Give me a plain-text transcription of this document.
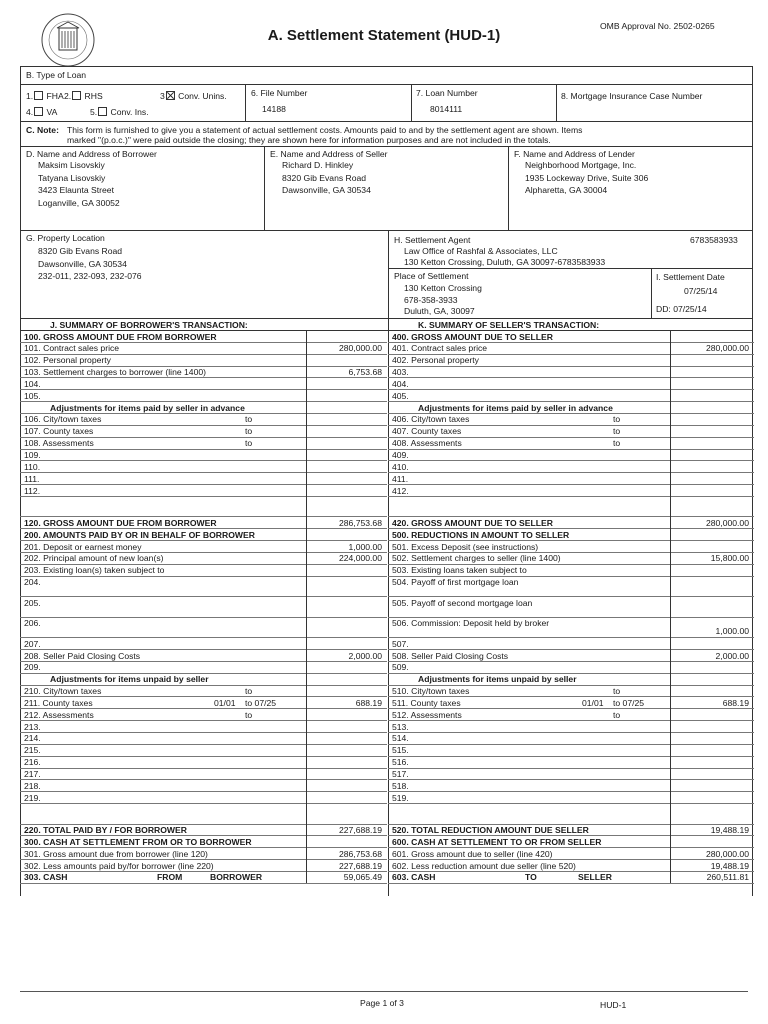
A. Settlement Statement (HUD-1)
OMB Approval No. 2502-0265
B. Type of Loan
1. FHA 2. RHS	3 Conv. Unins.
4. VA	5. Conv. Ins.
6. File Number
14188
7. Loan Number
8014111
8. Mortgage Insurance Case Number
C. Note: This form is furnished to give you a statement of actual settlement costs. Amounts paid to and by the settlement agent are shown. Items
marked "(p.o.c.)" were paid outside the closing; they are shown here for information purposes and are not included in the totals.
D. Name and Address of Borrower
Maksim Lisovskiy
Tatyana Lisovskiy
3423 Elaunta Street
Loganville, GA 30052
E. Name and Address of Seller
Richard D. Hinkley
8320 Gib Evans Road
Dawsonville, GA 30534
F. Name and Address of Lender
Neighborhood Mortgage, Inc.
1935 Lockeway Drive, Suite 306
Alpharetta, GA 30004
G. Property Location
8320 Gib Evans Road
Dawsonville, GA 30534
232-011, 232-093, 232-076
H. Settlement Agent	6783583933
Law Office of Rashfal & Associates, LLC
130 Ketton Crossing, Duluth, GA 30097-6783583933
Place of Settlement
130 Ketton Crossing
678-358-3933
Duluth, GA, 30097
I. Settlement Date
07/25/14
DD: 07/25/14
J. SUMMARY OF BORROWER'S TRANSACTION:	K. SUMMARY OF SELLER'S TRANSACTION:
100. GROSS AMOUNT DUE FROM BORROWER
101. Contract sales price	280,000.00
102. Personal property
103. Settlement charges to borrower (line 1400)	6,753.68
104.
105.
Adjustments for items paid by seller in advance
106. City/town taxes	to
107. County taxes	to
108. Assessments	to
109.
110.
111.
112.
120. GROSS AMOUNT DUE FROM BORROWER	286,753.68
200. AMOUNTS PAID BY OR IN BEHALF OF BORROWER
201. Deposit or earnest money	1,000.00
202. Principal amount of new loan(s)	224,000.00
203. Existing loan(s) taken subject to
204.
205.
206.
207.
208. Seller Paid Closing Costs	2,000.00
209.
Adjustments for items unpaid by seller
210. City/town taxes	to
211. County taxes	01/01 to 07/25	688.19
212. Assessments	to
213.
214.
215.
216.
217.
218.
219.
220. TOTAL PAID BY / FOR BORROWER	227,688.19
300. CASH AT SETTLEMENT FROM OR TO BORROWER
301. Gross amount due from borrower (line 120)	286,753.68
302. Less amounts paid by/for borrower (line 220)	227,688.19
303. CASH	FROM	BORROWER	59,065.49
400. GROSS AMOUNT DUE TO SELLER
401. Contract sales price	280,000.00
402. Personal property
403.
404.
405.
Adjustments for items paid by seller in advance
406. City/town taxes	to
407. County taxes	to
408. Assessments	to
409.
410.
411.
412.
420. GROSS AMOUNT DUE TO SELLER	280,000.00
500. REDUCTIONS IN AMOUNT TO SELLER
501. Excess Deposit (see instructions)
502. Settlement charges to seller (line 1400)	15,800.00
503. Existing loans taken subject to
504. Payoff of first mortgage loan
505. Payoff of second mortgage loan
506. Commission: Deposit held by broker
1,000.00
507.
508. Seller Paid Closing Costs	2,000.00
509.
Adjustments for items unpaid by seller
510. City/town taxes	to
511. County taxes	01/01 to 07/25	688.19
512. Assessments	to
513.
514.
515.
516.
517.
518.
519.
520. TOTAL REDUCTION AMOUNT DUE SELLER	19,488.19
600. CASH AT SETTLEMENT TO OR FROM SELLER
601. Gross amount due to seller (line 420)	280,000.00
602. Less reduction amount due seller (line 520)	19,488.19
603. CASH	TO	SELLER	260,511.81
HUD-1
Page 1 of 3
